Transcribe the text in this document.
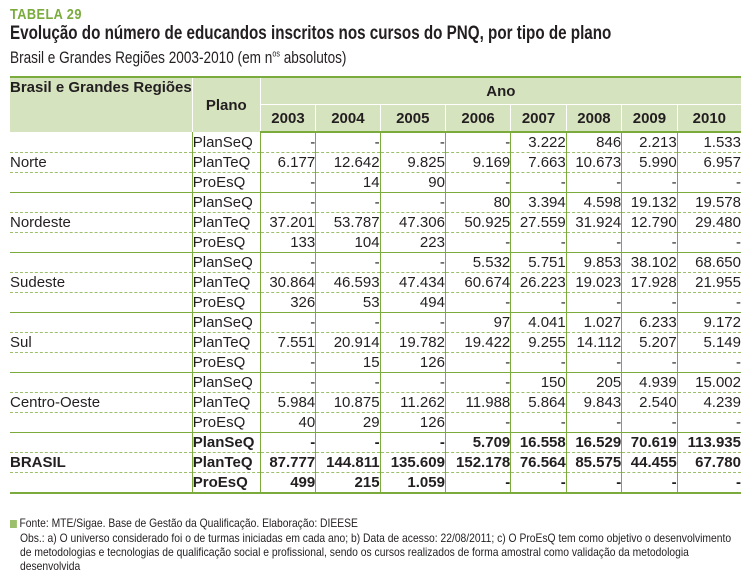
TABELA 29
Evolução do número de educandos inscritos nos cursos do PNQ, por tipo de plano
Brasil e Grandes Regiões 2003-2010 (em $n^{os}$ absolutos)
Brasil e Grandes Regiões	Plano	Ano							
		2003	2004	2005	2006	2007	2008	2009	2010
	PlanSeQ	-	-	-	-	3.222	846	2.213	1.533
Norte	PlanTeQ	6.177	12.642	9.825	9.169	7.663	10.673	5.990	6.957
	ProEsQ	-	14	90	-	-	-	-	-
	PlanSeQ	-	-	-	80	3.394	4.598	19.132	19.578
Nordeste	PlanTeQ	37.201	53.787	47.306	50.925	27.559	31.924	12.790	29.480
	ProEsQ	133	104	223	-	-	-	-	-
	PlanSeQ	-	-	-	5.532	5.751	9.853	38.102	68.650
Sudeste	PlanTeQ	30.864	46.593	47.434	60.674	26.223	19.023	17.928	21.955
	ProEsQ	326	53	494	-	-	-	-	-
	PlanSeQ	-	-	-	97	4.041	1.027	6.233	9.172
Sul	PlanTeQ	7.551	20.914	19.782	19.422	9.255	14.112	5.207	5.149
	ProEsQ	-	15	126	-	-	-	-	-
	PlanSeQ	-	-	-	-	150	205	4.939	15.002
Centro-Oeste	PlanTeQ	5.984	10.875	11.262	11.988	5.864	9.843	2.540	4.239
	ProEsQ	40	29	126	-	-	-	-	-
	PlanSeQ	-	-	-	5.709	16.558	16.529	70.619	113.935
BRASIL	PlanTeQ	87.777	144.811	135.609	152.178	76.564	85.575	44.455	67.780
	ProEsQ	499	215	1.059	-	-	-	-	-
Fonte: MTE/Sigae. Base de Gestão da Qualificação. Elaboração: DIEESE
Obs.: a) O universo considerado foi o de turmas iniciadas em cada ano; b) Data de acesso: 22/08/2011; c) O ProEsQ tem como objetivo o desenvolvimento de metodologias e tecnologias de qualificação social e profissional, sendo os cursos realizados de forma amostral como validação da metodologia desenvolvida
